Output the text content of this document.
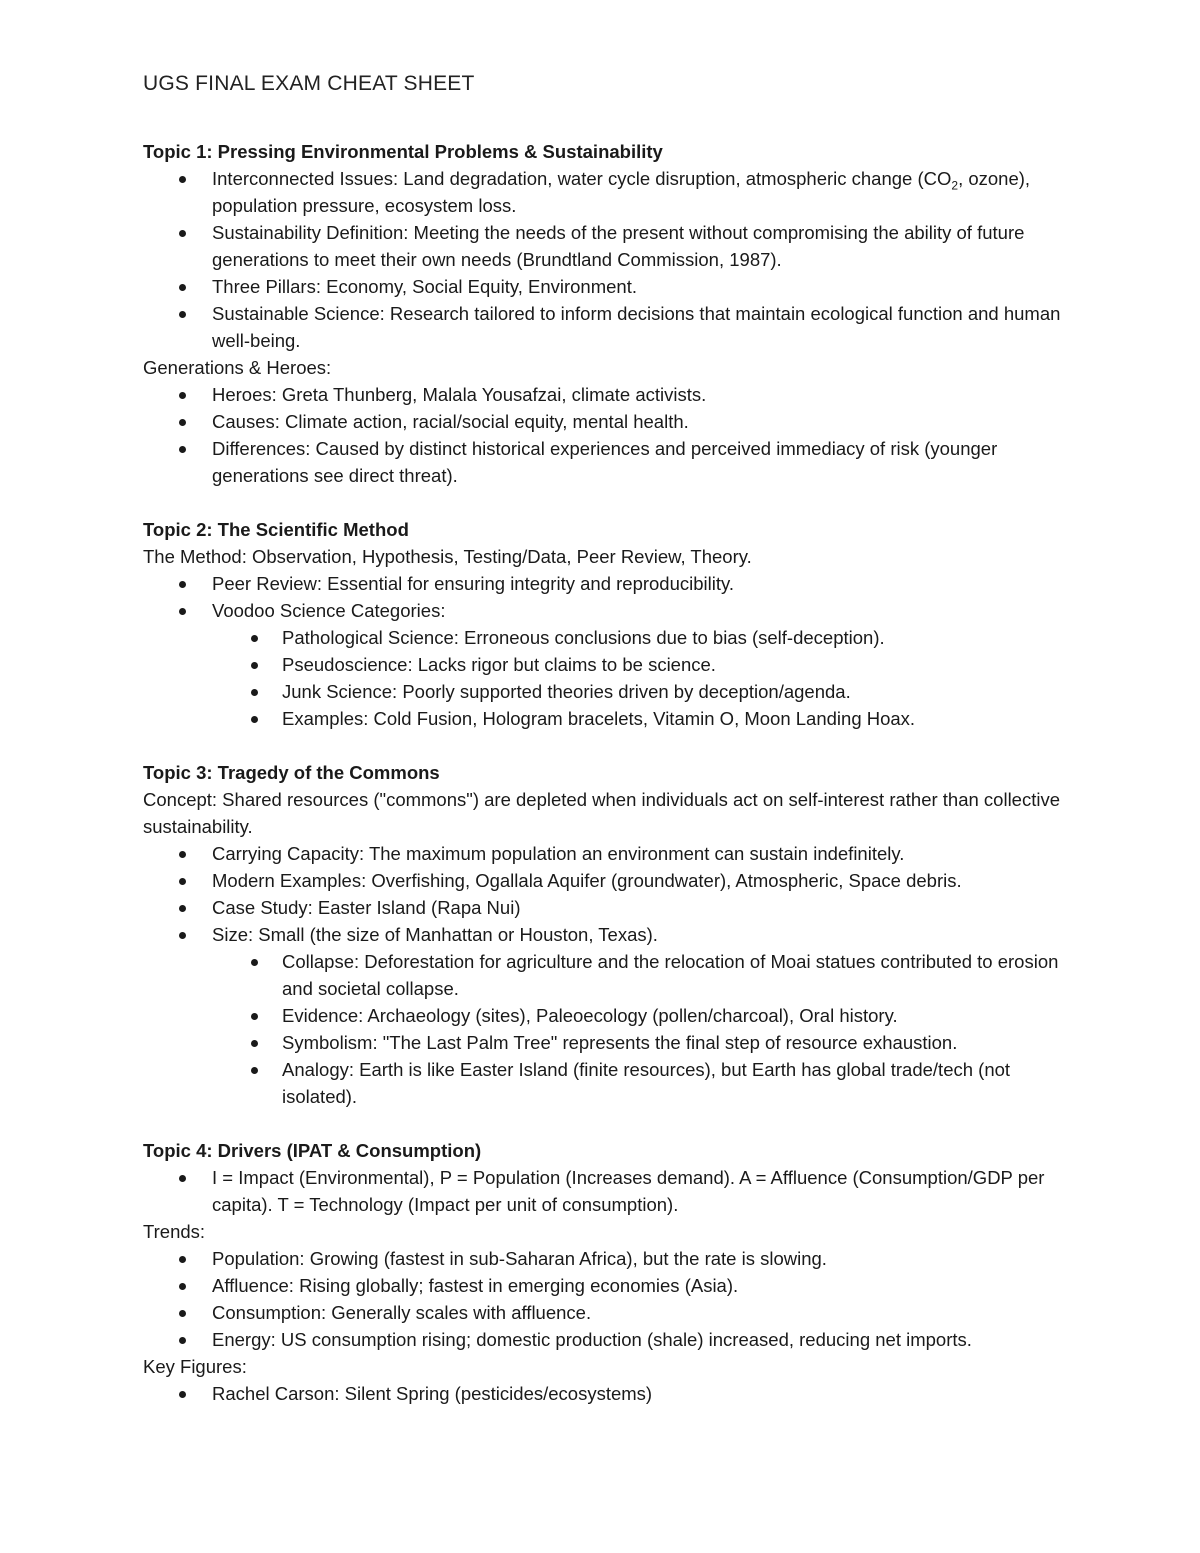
UGS FINAL EXAM CHEAT SHEET

Topic 1: Pressing Environmental Problems & Sustainability

Interconnected Issues: Land degradation, water cycle disruption, atmospheric change ($CO_2$, ozone), population pressure, ecosystem loss.
Sustainability Definition: Meeting the needs of the present without compromising the ability of future generations to meet their own needs (Brundtland Commission, 1987).
Three Pillars: Economy, Social Equity, Environment.
Sustainable Science: Research tailored to inform decisions that maintain ecological function and human well-being.

Generations & Heroes:

Heroes: Greta Thunberg, Malala Yousafzai, climate activists.
Causes: Climate action, racial/social equity, mental health.
Differences: Caused by distinct historical experiences and perceived immediacy of risk (younger generations see direct threat).

Topic 2: The Scientific Method

The Method: Observation, Hypothesis, Testing/Data, Peer Review, Theory.

Peer Review: Essential for ensuring integrity and reproducibility.
Voodoo Science Categories:
Pathological Science: Erroneous conclusions due to bias (self-deception).
Pseudoscience: Lacks rigor but claims to be science.
Junk Science: Poorly supported theories driven by deception/agenda.
Examples: Cold Fusion, Hologram bracelets, Vitamin O, Moon Landing Hoax.

Topic 3: Tragedy of the Commons

Concept: Shared resources ("commons") are depleted when individuals act on self-interest rather than collective sustainability.

Carrying Capacity: The maximum population an environment can sustain indefinitely.
Modern Examples: Overfishing, Ogallala Aquifer (groundwater), Atmospheric, Space debris.
Case Study: Easter Island (Rapa Nui)
Size: Small (the size of Manhattan or Houston, Texas).
Collapse: Deforestation for agriculture and the relocation of Moai statues contributed to erosion and societal collapse.
Evidence: Archaeology (sites), Paleoecology (pollen/charcoal), Oral history.
Symbolism: "The Last Palm Tree" represents the final step of resource exhaustion.
Analogy: Earth is like Easter Island (finite resources), but Earth has global trade/tech (not isolated).

Topic 4: Drivers (IPAT & Consumption)

I = Impact (Environmental), P = Population (Increases demand). A = Affluence (Consumption/GDP per capita). T = Technology (Impact per unit of consumption).

Trends:

Population: Growing (fastest in sub-Saharan Africa), but the rate is slowing.
Affluence: Rising globally; fastest in emerging economies (Asia).
Consumption: Generally scales with affluence.
Energy: US consumption rising; domestic production (shale) increased, reducing net imports.

Key Figures:

Rachel Carson: Silent Spring (pesticides/ecosystems)
